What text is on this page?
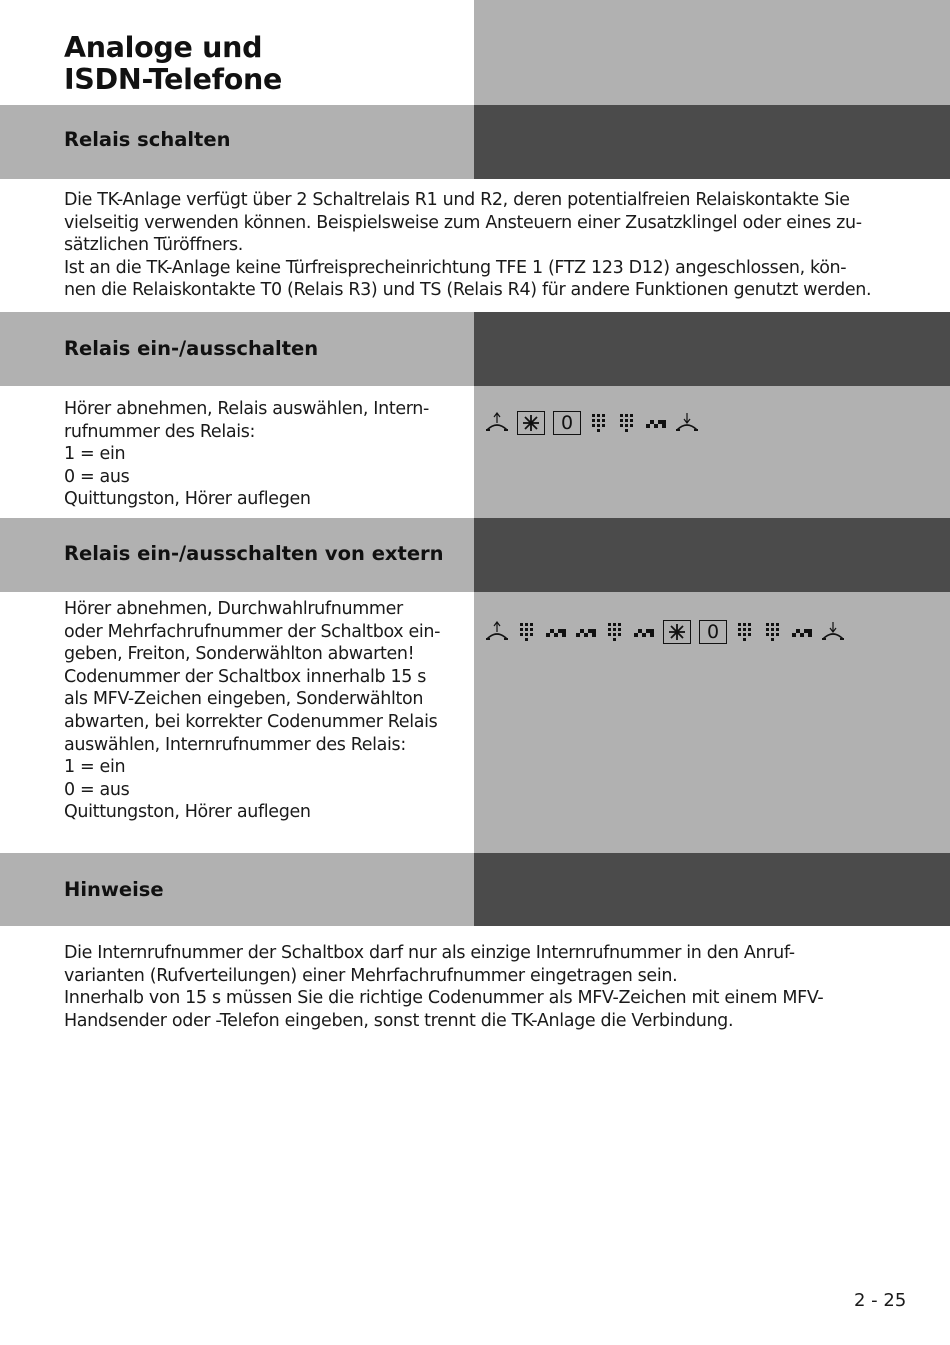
Analoge und
ISDN-Telefone
Relais schalten
Die TK-Anlage verfügt über 2 Schaltrelais R1 und R2, deren potentialfreien Relaiskontakte Sie
vielseitig verwenden können. Beispielsweise zum Ansteuern einer Zusatzklingel oder eines zu-
sätzlichen Türöffners.
Ist an die TK-Anlage keine Türfreisprecheinrichtung TFE 1 (FTZ 123 D12) angeschlossen, kön-
nen die Relaiskontakte T0 (Relais R3) und TS (Relais R4) für andere Funktionen genutzt werden.
Relais ein-/ausschalten
Hörer abnehmen, Relais auswählen, Intern-
rufnummer des Relais:
1 = ein
0 = aus
Quittungston, Hörer auflegen
0
Relais ein-/ausschalten von extern
Hörer abnehmen, Durchwahlrufnummer
oder Mehrfachrufnummer der Schaltbox ein-
geben, Freiton, Sonderwählton abwarten!
Codenummer der Schaltbox innerhalb 15 s
als MFV-Zeichen eingeben, Sonderwählton
abwarten, bei korrekter Codenummer Relais
auswählen, Internrufnummer des Relais:
1 = ein
0 = aus
Quittungston, Hörer auflegen
0
Hinweise
Die Internrufnummer der Schaltbox darf nur als einzige Internrufnummer in den Anruf-
varianten (Rufverteilungen) einer Mehrfachrufnummer eingetragen sein.
Innerhalb von 15 s müssen Sie die richtige Codenummer als MFV-Zeichen mit einem MFV-
Handsender oder -Telefon eingeben, sonst trennt die TK-Anlage die Verbindung.
2 - 25
